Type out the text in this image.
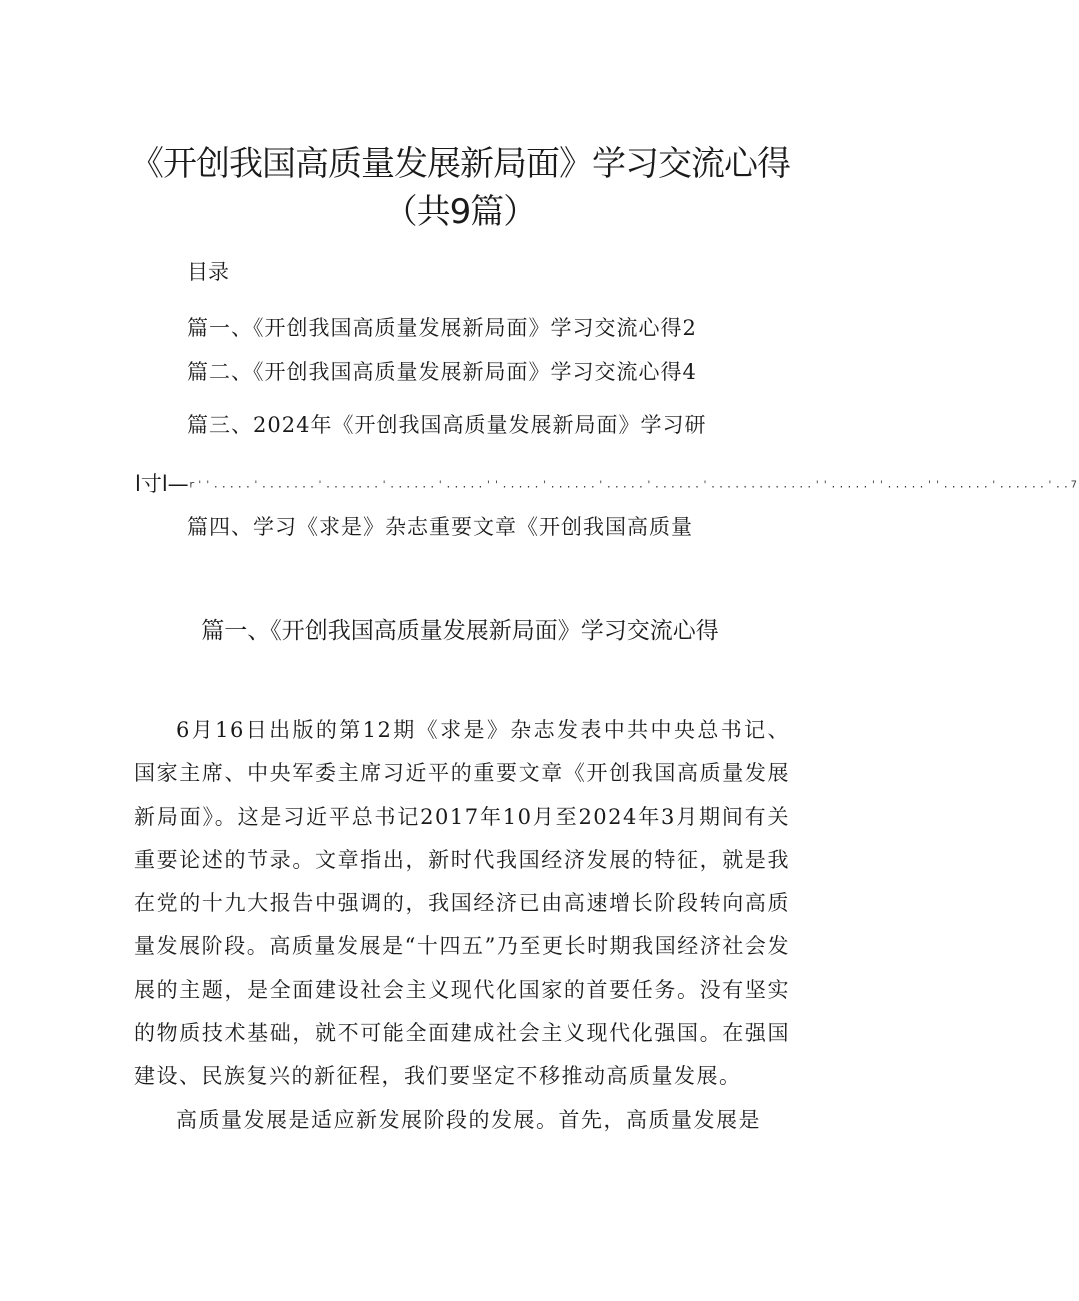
《开创我国高质量发展新局面》学习交流心得（共9篇）
目录
篇一、《开创我国高质量发展新局面》学习交流心得2
篇二、《开创我国高质量发展新局面》学习交流心得4
篇三、2024年《开创我国高质量发展新局面》学习研
l寸l—r''.....'.......'.......'......'.....''.....'......'.....'......'.............''.....''.....''......'......'..7
篇四、学习《求是》杂志重要文章《开创我国高质量
篇一、《开创我国高质量发展新局面》学习交流心得

6月16日出版的第12期《求是》杂志发表中共中央总书记、国家主席、中央军委主席习近平的重要文章《开创我国高质量发展新局面》。这是习近平总书记2017年10月至2024年3月期间有关重要论述的节录。文章指出，新时代我国经济发展的特征，就是我在党的十九大报告中强调的，我国经济已由高速增长阶段转向高质量发展阶段。高质量发展是“十四五”乃至更长时期我国经济社会发展的主题，是全面建设社会主义现代化国家的首要任务。没有坚实的物质技术基础，就不可能全面建成社会主义现代化强国。在强国建设、民族复兴的新征程，我们要坚定不移推动高质量发展。

高质量发展是适应新发展阶段的发展。首先，高质量发展是
